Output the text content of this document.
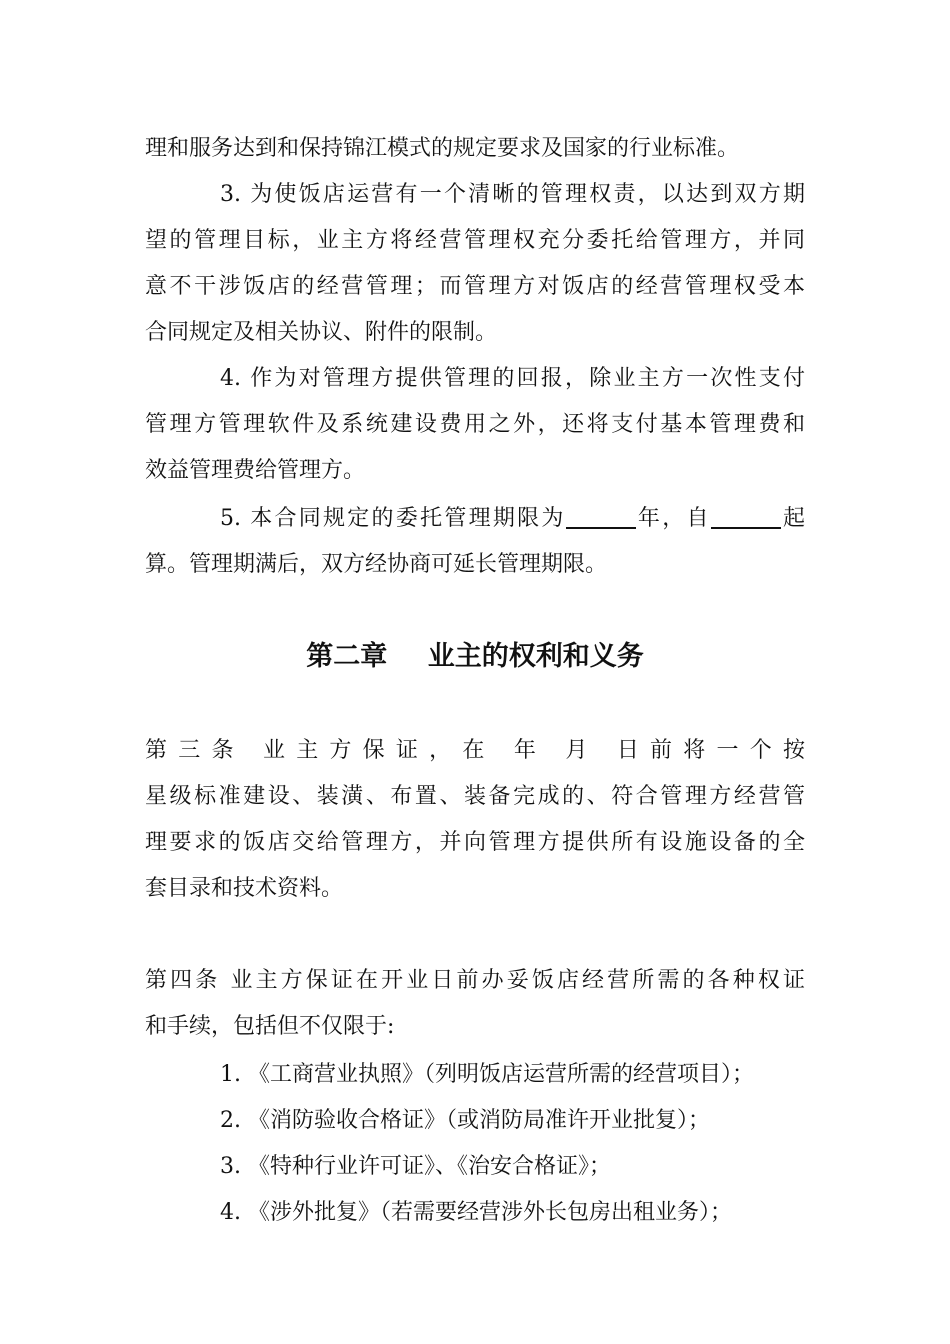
理和服务达到和保持锦江模式的规定要求及国家的行业标准。
3. 为使饭店运营有一个清晰的管理权责，以达到双方期
望的管理目标，业主方将经营管理权充分委托给管理方，并同
意不干涉饭店的经营管理；而管理方对饭店的经营管理权受本
合同规定及相关协议、附件的限制。
4. 作为对管理方提供管理的回报，除业主方一次性支付
管理方管理软件及系统建设费用之外，还将支付基本管理费和
效益管理费给管理方。
5. 本合同规定的委托管理期限为	年，自	起
算。管理期满后，双方经协商可延长管理期限。
第二章 业主的权利和义务
第三条 业主方保证，在 年 月 日前将一个按
星级标准建设、装潢、布置、装备完成的、符合管理方经营管
理要求的饭店交给管理方，并向管理方提供所有设施设备的全
套目录和技术资料。
第四条 业主方保证在开业日前办妥饭店经营所需的各种权证
和手续，包括但不仅限于:
1. 《工商营业执照》（列明饭店运营所需的经营项目）；
2. 《消防验收合格证》（或消防局准许开业批复）；
3. 《特种行业许可证》、《治安合格证》；
4. 《涉外批复》（若需要经营涉外长包房出租业务）；
